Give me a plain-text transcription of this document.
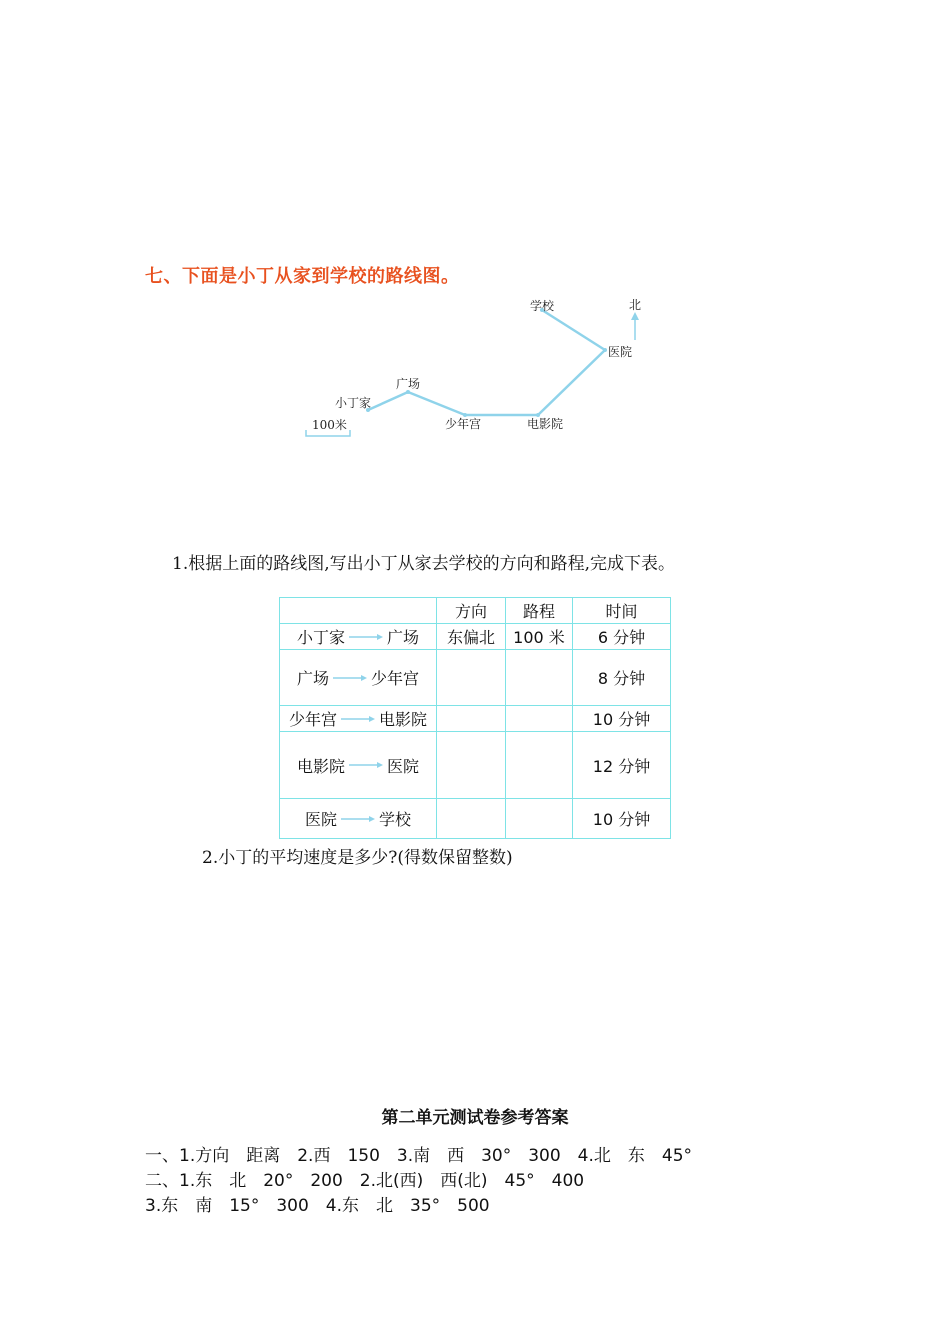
七、下面是小丁从家到学校的路线图。
北
小丁家
广场
少年宫	电影院
医院
学校
100米
1.根据上面的路线图,写出小丁从家去学校的方向和路程,完成下表。
	方向	路程	时间

小丁家 广场	东偏北	100 米	6 分钟

广场 少年宫			8 分钟

少年宫 电影院			10 分钟

电影院 医院			12 分钟

医院 学校			10 分钟
2.小丁的平均速度是多少?(得数保留整数)
第二单元测试卷参考答案
一、1.方向　距离　2.西　150　3.南　西　30°　300　4.北　东　45°
二、1.东　北　20°　200　2.北(西)　西(北)　45°　400
3.东　南　15°　300　4.东　北　35°　500
